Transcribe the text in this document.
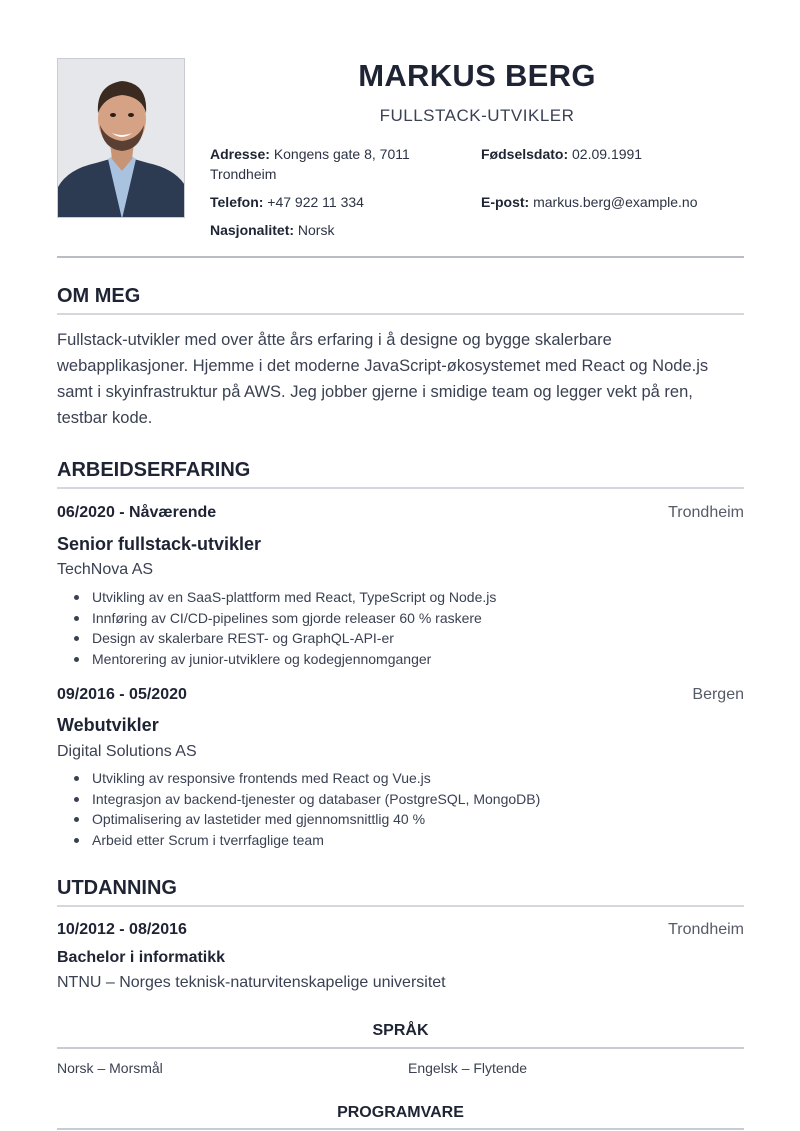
MARKUS BERG
FULLSTACK-UTVIKLER
Adresse: Kongens gate 8, 7011 Trondheim
Fødselsdato: 02.09.1991
Telefon: +47 922 11 334	E-post: markus.berg@example.no
Nasjonalitet: Norsk
OM MEG
Fullstack-utvikler med over åtte års erfaring i å designe og bygge skalerbare webapplikasjoner. Hjemme i det moderne JavaScript-økosystemet med React og Node.js samt i skyinfrastruktur på AWS. Jeg jobber gjerne i smidige team og legger vekt på ren, testbar kode.
ARBEIDSERFARING
06/2020 - Nåværende	Trondheim
Senior fullstack-utvikler
TechNova AS
Utvikling av en SaaS-plattform med React, TypeScript og Node.js
Innføring av CI/CD-pipelines som gjorde releaser 60 % raskere
Design av skalerbare REST- og GraphQL-API-er
Mentorering av junior-utviklere og kodegjennomganger
09/2016 - 05/2020	Bergen
Webutvikler
Digital Solutions AS
Utvikling av responsive frontends med React og Vue.js
Integrasjon av backend-tjenester og databaser (PostgreSQL, MongoDB)
Optimalisering av lastetider med gjennomsnittlig 40 %
Arbeid etter Scrum i tverrfaglige team
UTDANNING
10/2012 - 08/2016	Trondheim
Bachelor i informatikk
NTNU – Norges teknisk-naturvitenskapelige universitet
SPRÅK
Norsk – Morsmål	Engelsk – Flytende
PROGRAMVARE
